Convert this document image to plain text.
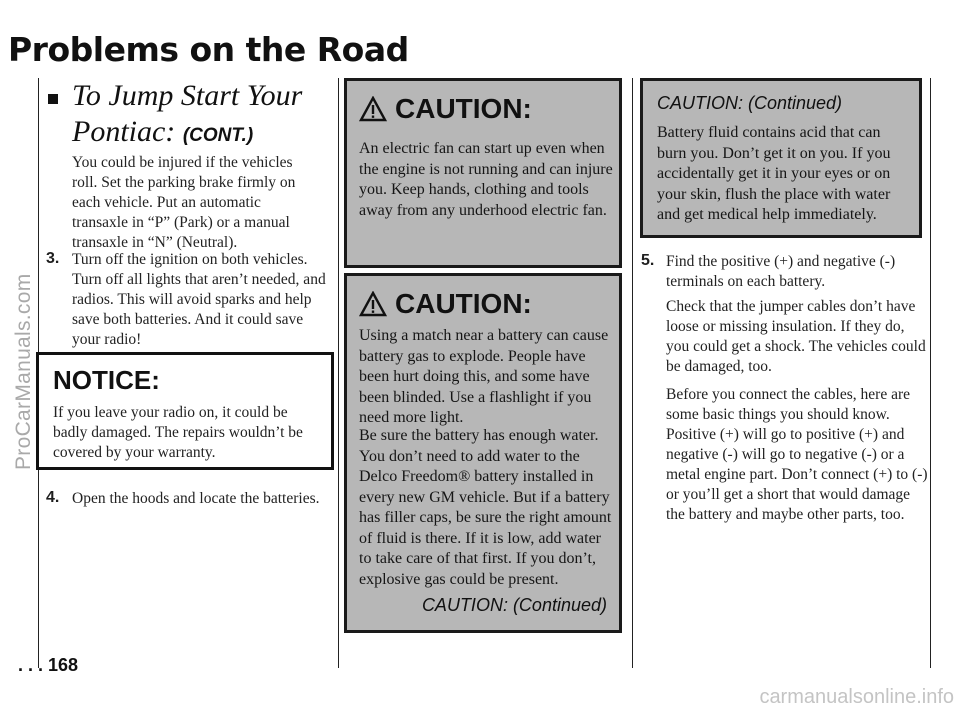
Problems on the Road
ProCarManuals.com
To Jump Start Your
Pontiac: (CONT.)
You could be injured if the vehicles roll. Set the parking brake firmly on each vehicle. Put an automatic transaxle in “P” (Park) or a manual transaxle in “N” (Neutral).
3. Turn off the ignition on both vehicles. Turn off all lights that aren’t needed, and radios. This will avoid sparks and help save both batteries. And it could save your radio!
NOTICE:
If you leave your radio on, it could be badly damaged. The repairs wouldn’t be covered by your warranty.
4. Open the hoods and locate the batteries.
CAUTION:
An electric fan can start up even when the engine is not running and can injure you. Keep hands, clothing and tools away from any underhood electric fan.
CAUTION:
Using a match near a battery can cause battery gas to explode. People have been hurt doing this, and some have been blinded. Use a flashlight if you need more light.
Be sure the battery has enough water. You don’t need to add water to the Delco Freedom® battery installed in every new GM vehicle. But if a battery has filler caps, be sure the right amount of fluid is there. If it is low, add water to take care of that first. If you don’t, explosive gas could be present.
CAUTION: (Continued)
CAUTION: (Continued)
Battery fluid contains acid that can burn you. Don’t get it on you. If you accidentally get it in your eyes or on your skin, flush the place with water and get medical help immediately.
5. Find the positive (+) and negative (-) terminals on each battery.
Check that the jumper cables don’t have loose or missing insulation. If they do, you could get a shock. The vehicles could be damaged, too.
Before you connect the cables, here are some basic things you should know. Positive (+) will go to positive (+) and negative (-) will go to negative (-) or a metal engine part. Don’t connect (+) to (-) or you’ll get a short that would damage the battery and maybe other parts, too.
. . . 168
carmanualsonline.info
